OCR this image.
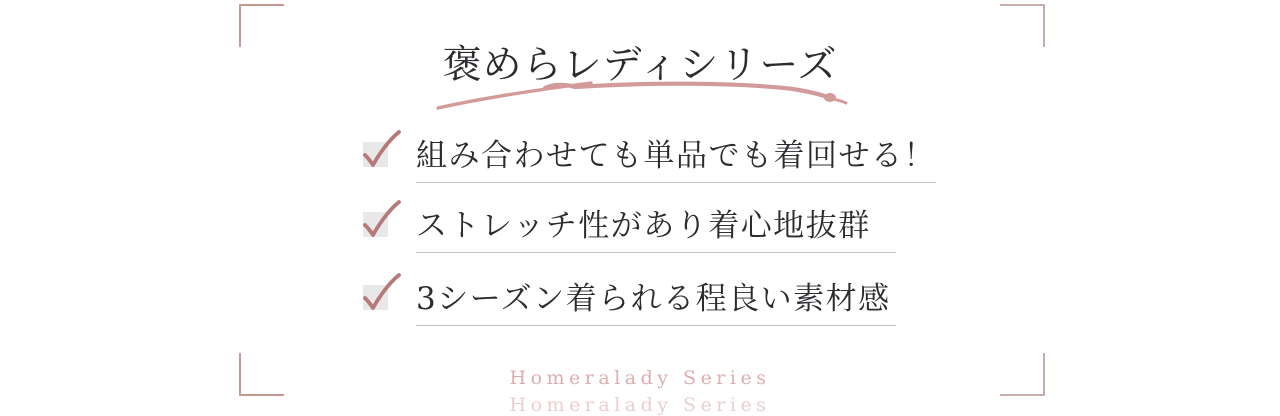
褒めらレディシリーズ
組み合わせても単品でも着回せる！
ストレッチ性があり着心地抜群
3シーズン着られる程良い素材感
Homeralady Series
Homeralady Series
